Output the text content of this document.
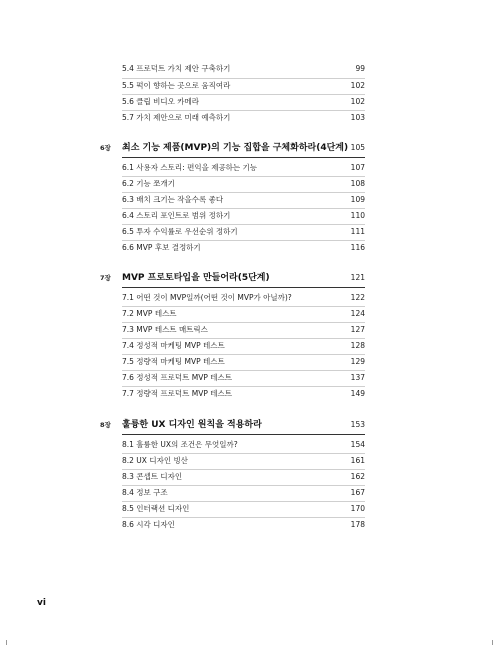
5.4 프로덕트 가치 제안 구축하기	99
5.5 퍽이 향하는 곳으로 움직여라	102
5.6 클립 비디오 카메라	102
5.7 가치 제안으로 미래 예측하기	103
6장 최소 기능 제품(MVP)의 기능 집합을 구체화하라(4단계) 105
6.1 사용자 스토리: 편익을 제공하는 기능	107
6.2 기능 쪼개기	108
6.3 배치 크기는 작을수록 좋다	109
6.4 스토리 포인트로 범위 정하기	110
6.5 투자 수익률로 우선순위 정하기	111
6.6 MVP 후보 결정하기	116
7장 MVP 프로토타입을 만들어라(5단계)	121
7.1 어떤 것이 MVP일까(어떤 것이 MVP가 아닐까)?	122
7.2 MVP 테스트	124
7.3 MVP 테스트 매트릭스	127
7.4 정성적 마케팅 MVP 테스트	128
7.5 정량적 마케팅 MVP 테스트	129
7.6 정성적 프로덕트 MVP 테스트	137
7.7 정량적 프로덕트 MVP 테스트	149
8장 훌륭한 UX 디자인 원칙을 적용하라	153
8.1 훌륭한 UX의 조건은 무엇일까?	154
8.2 UX 디자인 빙산	161
8.3 콘셉트 디자인	162
8.4 정보 구조	167
8.5 인터랙션 디자인	170
8.6 시각 디자인	178
vi
